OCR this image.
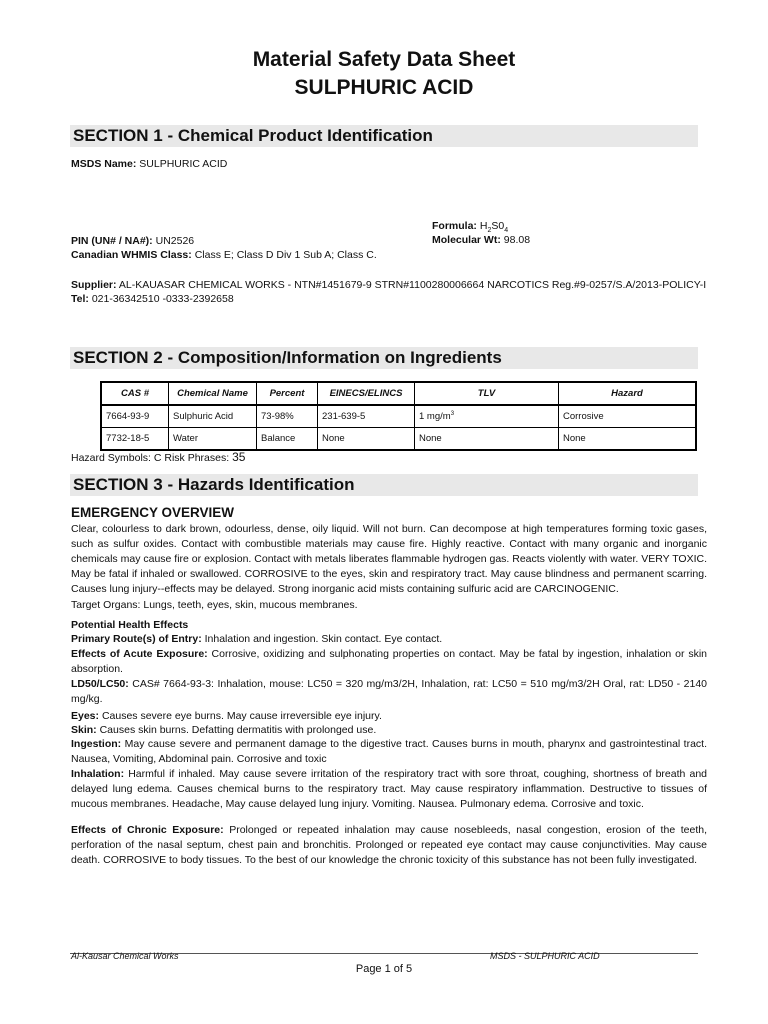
Material Safety Data Sheet
SULPHURIC ACID
SECTION 1 - Chemical Product Identification
MSDS Name: SULPHURIC ACID
Formula: $H_2S0_4$
Molecular Wt: 98.08
PIN (UN# / NA#): UN2526
Canadian WHMIS Class: Class E; Class D Div 1 Sub A; Class C.
Supplier: AL-KAUASAR CHEMICAL WORKS - NTN#1451679-9 STRN#1100280006664 NARCOTICS Reg.#9-0257/S.A/2013-POLICY-I
Tel: 021-36342510 -0333-2392658
SECTION 2 - Composition/Information on Ingredients
CAS #	Chemical Name	Percent	EINECS/ELINCS	TLV	Hazard
7664-93-9	Sulphuric Acid	73-98%	231-639-5	1 $mg/m^3$	Corrosive
7732-18-5	Water	Balance	None	None	None
Hazard Symbols: C Risk Phrases: 35
SECTION 3 - Hazards Identification
EMERGENCY OVERVIEW
Clear, colourless to dark brown, odourless, dense, oily liquid. Will not burn. Can decompose at high temperatures forming toxic gases, such as sulfur oxides. Contact with combustible materials may cause fire. Highly reactive. Contact with many organic and inorganic chemicals may cause fire or explosion. Contact with metals liberates flammable hydrogen gas. Reacts violently with water. VERY TOXIC. May be fatal if inhaled or swallowed. CORROSIVE to the eyes, skin and respiratory tract. May cause blindness and permanent scarring. Causes lung injury--effects may be delayed. Strong inorganic acid mists containing sulfuric acid are CARCINOGENIC.
Target Organs: Lungs, teeth, eyes, skin, mucous membranes.
Potential Health Effects
Primary Route(s) of Entry: Inhalation and ingestion. Skin contact. Eye contact.
Effects of Acute Exposure: Corrosive, oxidizing and sulphonating properties on contact. May be fatal by ingestion, inhalation or skin absorption.
LD50/LC50: CAS# 7664-93-3: Inhalation, mouse: LC50 = 320 mg/m3/2H, Inhalation, rat: LC50 = 510 mg/m3/2H Oral, rat: LD50 - 2140 mg/kg.
Eyes: Causes severe eye burns. May cause irreversible eye injury.
Skin: Causes skin burns. Defatting dermatitis with prolonged use.
Ingestion: May cause severe and permanent damage to the digestive tract. Causes burns in mouth, pharynx and gastrointestinal tract. Nausea, Vomiting, Abdominal pain. Corrosive and toxic
Inhalation: Harmful if inhaled. May cause severe irritation of the respiratory tract with sore throat, coughing, shortness of breath and delayed lung edema. Causes chemical burns to the respiratory tract. May cause respiratory inflammation. Destructive to tissues of mucous membranes. Headache, May cause delayed lung injury. Vomiting. Nausea. Pulmonary edema. Corrosive and toxic.
Effects of Chronic Exposure: Prolonged or repeated inhalation may cause nosebleeds, nasal congestion, erosion of the teeth, perforation of the nasal septum, chest pain and bronchitis. Prolonged or repeated eye contact may cause conjunctivities. May cause death. CORROSIVE to body tissues. To the best of our knowledge the chronic toxicity of this substance has not been fully investigated.
Al-Kausar Chemical Works	MSDS - SULPHURIC ACID
Page 1 of 5
